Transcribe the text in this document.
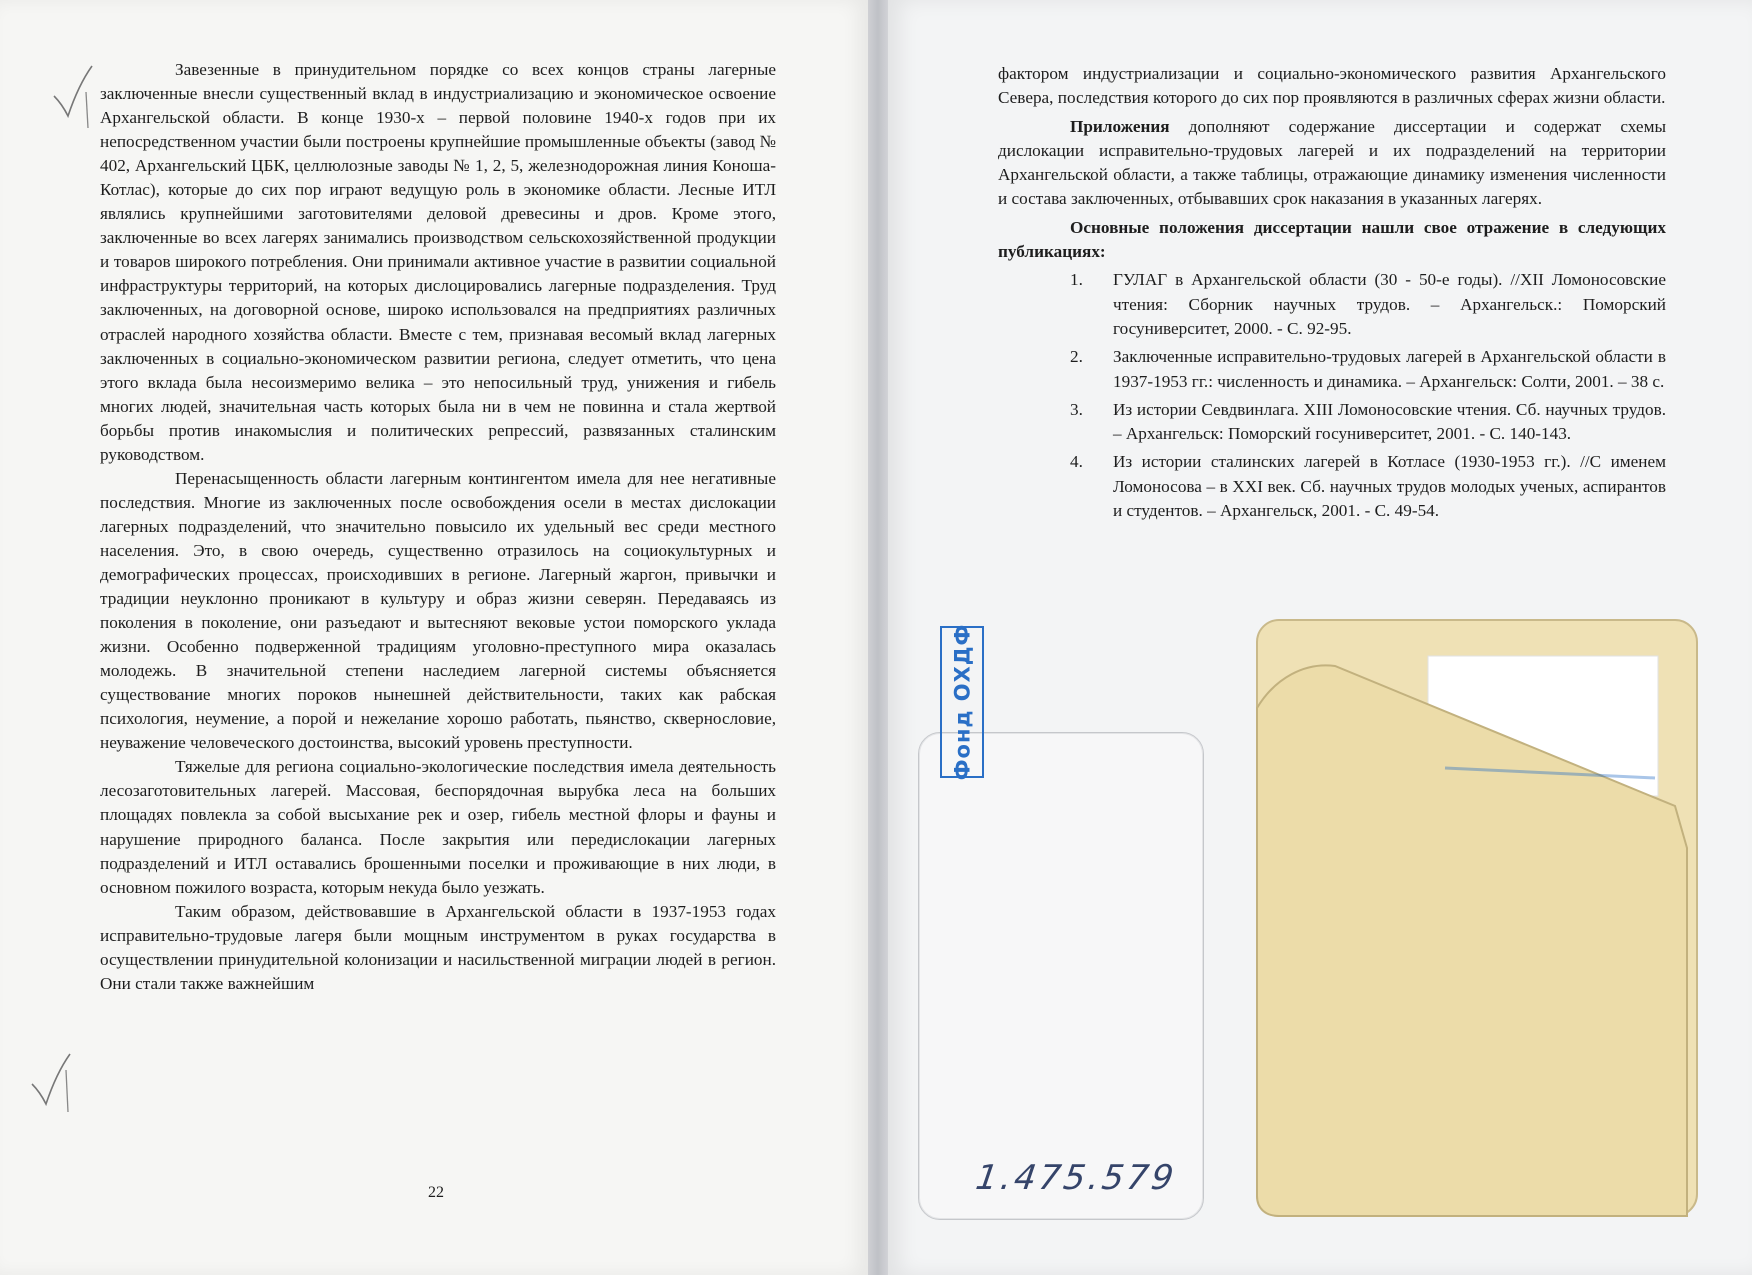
Завезенные в принудительном порядке со всех концов страны лагерные заключенные внесли существенный вклад в индустриализацию и экономическое освоение Архангельской области. В конце 1930-х – первой половине 1940-х годов при их непосредственном участии были построены крупнейшие промышленные объекты (завод № 402, Архангельский ЦБК, целлюлозные заводы № 1, 2, 5, железнодорожная линия Коноша-Котлас), которые до сих пор играют ведущую роль в экономике области. Лесные ИТЛ являлись крупнейшими заготовителями деловой древесины и дров. Кроме этого, заключенные во всех лагерях занимались производством сельскохозяйственной продукции и товаров широкого потребления. Они принимали активное участие в развитии социальной инфраструктуры территорий, на которых дислоцировались лагерные подразделения. Труд заключенных, на договорной основе, широко использовался на предприятиях различных отраслей народного хозяйства области. Вместе с тем, признавая весомый вклад лагерных заключенных в социально-экономическом развитии региона, следует отметить, что цена этого вклада была несоизмеримо велика – это непосильный труд, унижения и гибель многих людей, значительная часть которых была ни в чем не повинна и стала жертвой борьбы против инакомыслия и политических репрессий, развязанных сталинским руководством.

Перенасыщенность области лагерным контингентом имела для нее негативные последствия. Многие из заключенных после освобождения осели в местах дислокации лагерных подразделений, что значительно повысило их удельный вес среди местного населения. Это, в свою очередь, существенно отразилось на социокультурных и демографических процессах, происходивших в регионе. Лагерный жаргон, привычки и традиции неуклонно проникают в культуру и образ жизни северян. Передаваясь из поколения в поколение, они разъедают и вытесняют вековые устои поморского уклада жизни. Особенно подверженной традициям уголовно-преступного мира оказалась молодежь. В значительной степени наследием лагерной системы объясняется существование многих пороков нынешней действительности, таких как рабская психология, неумение, а порой и нежелание хорошо работать, пьянство, сквернословие, неуважение человеческого достоинства, высокий уровень преступности.

Тяжелые для региона социально-экологические последствия имела деятельность лесозаготовительных лагерей. Массовая, беспорядочная вырубка леса на больших площадях повлекла за собой высыхание рек и озер, гибель местной флоры и фауны и нарушение природного баланса. После закрытия или передислокации лагерных подразделений и ИТЛ оставались брошенными поселки и проживающие в них люди, в основном пожилого возраста, которым некуда было уезжать.

Таким образом, действовавшие в Архангельской области в 1937-1953 годах исправительно-трудовые лагеря были мощным инструментом в руках государства в осуществлении принудительной колонизации и насильственной миграции людей в регион. Они стали также важнейшим

22

фактором индустриализации и социально-экономического развития Архангельского Севера, последствия которого до сих пор проявляются в различных сферах жизни области.

Приложения дополняют содержание диссертации и содержат схемы дислокации исправительно-трудовых лагерей и их подразделений на территории Архангельской области, а также таблицы, отражающие динамику изменения численности и состава заключенных, отбывавших срок наказания в указанных лагерях.

Основные положения диссертации нашли свое отражение в следующих публикациях:

1. ГУЛАГ в Архангельской области (30 - 50-е годы). //XII Ломоносовские чтения: Сборник научных трудов. – Архангельск.: Поморский госуниверситет, 2000. - С. 92-95.
2. Заключенные исправительно-трудовых лагерей в Архангельской области в 1937-1953 гг.: численность и динамика. – Архангельск: Солти, 2001. – 38 с.
3. Из истории Севдвинлага. XIII Ломоносовские чтения. Сб. научных трудов. – Архангельск: Поморский госуниверситет, 2001. - С. 140-143.
4. Из истории сталинских лагерей в Котласе (1930-1953 гг.). //С именем Ломоносова – в XXI век. Сб. научных трудов молодых ученых, аспирантов и студентов. – Архангельск, 2001. - С. 49-54.
Фонд ОХДФ
1.475.579
